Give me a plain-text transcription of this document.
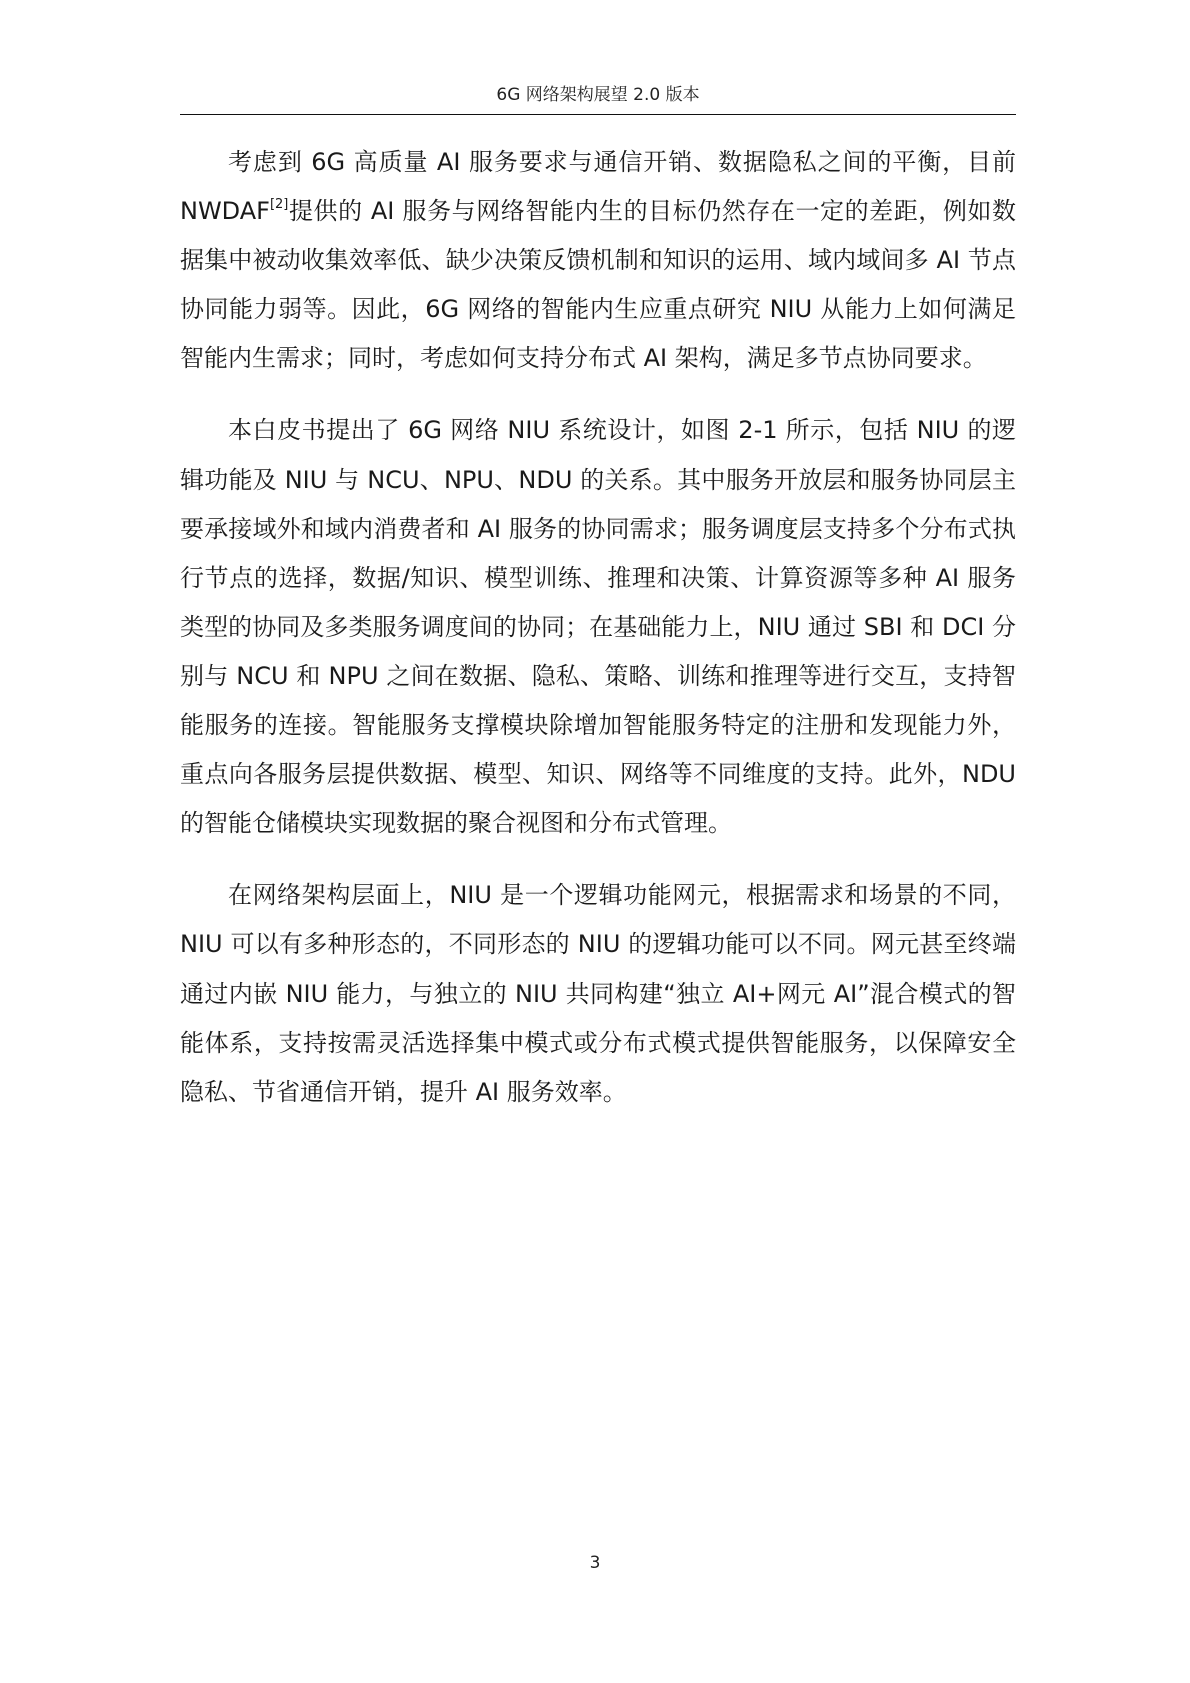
6G 网络架构展望 2.0 版本

考虑到 6G 高质量 AI 服务要求与通信开销、数据隐私之间的平衡，目前 NWDAF[2]提供的 AI 服务与网络智能内生的目标仍然存在一定的差距，例如数据集中被动收集效率低、缺少决策反馈机制和知识的运用、域内域间多 AI 节点协同能力弱等。因此，6G 网络的智能内生应重点研究 NIU 从能力上如何满足智能内生需求；同时，考虑如何支持分布式 AI 架构，满足多节点协同要求。

本白皮书提出了 6G 网络 NIU 系统设计，如图 2-1 所示，包括 NIU 的逻辑功能及 NIU 与 NCU、NPU、NDU 的关系。其中服务开放层和服务协同层主要承接域外和域内消费者和 AI 服务的协同需求；服务调度层支持多个分布式执行节点的选择，数据/知识、模型训练、推理和决策、计算资源等多种 AI 服务类型的协同及多类服务调度间的协同；在基础能力上，NIU 通过 SBI 和 DCI 分别与 NCU 和 NPU 之间在数据、隐私、策略、训练和推理等进行交互，支持智能服务的连接。智能服务支撑模块除增加智能服务特定的注册和发现能力外，重点向各服务层提供数据、模型、知识、网络等不同维度的支持。此外，NDU 的智能仓储模块实现数据的聚合视图和分布式管理。

在网络架构层面上，NIU 是一个逻辑功能网元，根据需求和场景的不同，NIU 可以有多种形态的，不同形态的 NIU 的逻辑功能可以不同。网元甚至终端通过内嵌 NIU 能力，与独立的 NIU 共同构建“独立 AI+网元 AI”混合模式的智能体系，支持按需灵活选择集中模式或分布式模式提供智能服务，以保障安全隐私、节省通信开销，提升 AI 服务效率。

3
